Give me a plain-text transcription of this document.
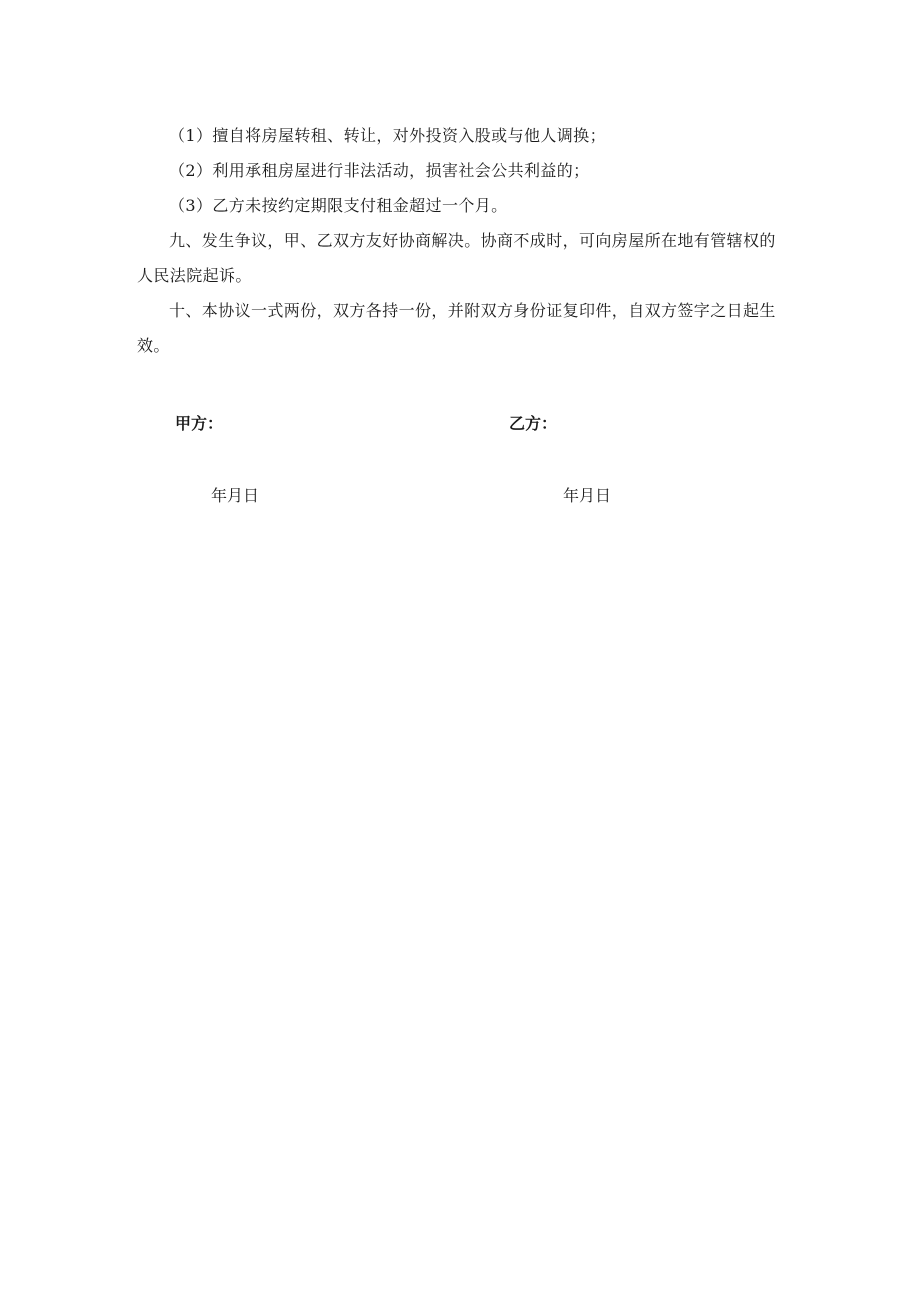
（1）擅自将房屋转租、转让，对外投资入股或与他人调换；

（2）利用承租房屋进行非法活动，损害社会公共利益的；

（3）乙方未按约定期限支付租金超过一个月。

九、发生争议，甲、乙双方友好协商解决。协商不成时，可向房屋所在地有管辖权的人民法院起诉。

十、本协议一式两份，双方各持一份，并附双方身份证复印件，自双方签字之日起生效。

甲方：	乙方：
年月日	年月日
